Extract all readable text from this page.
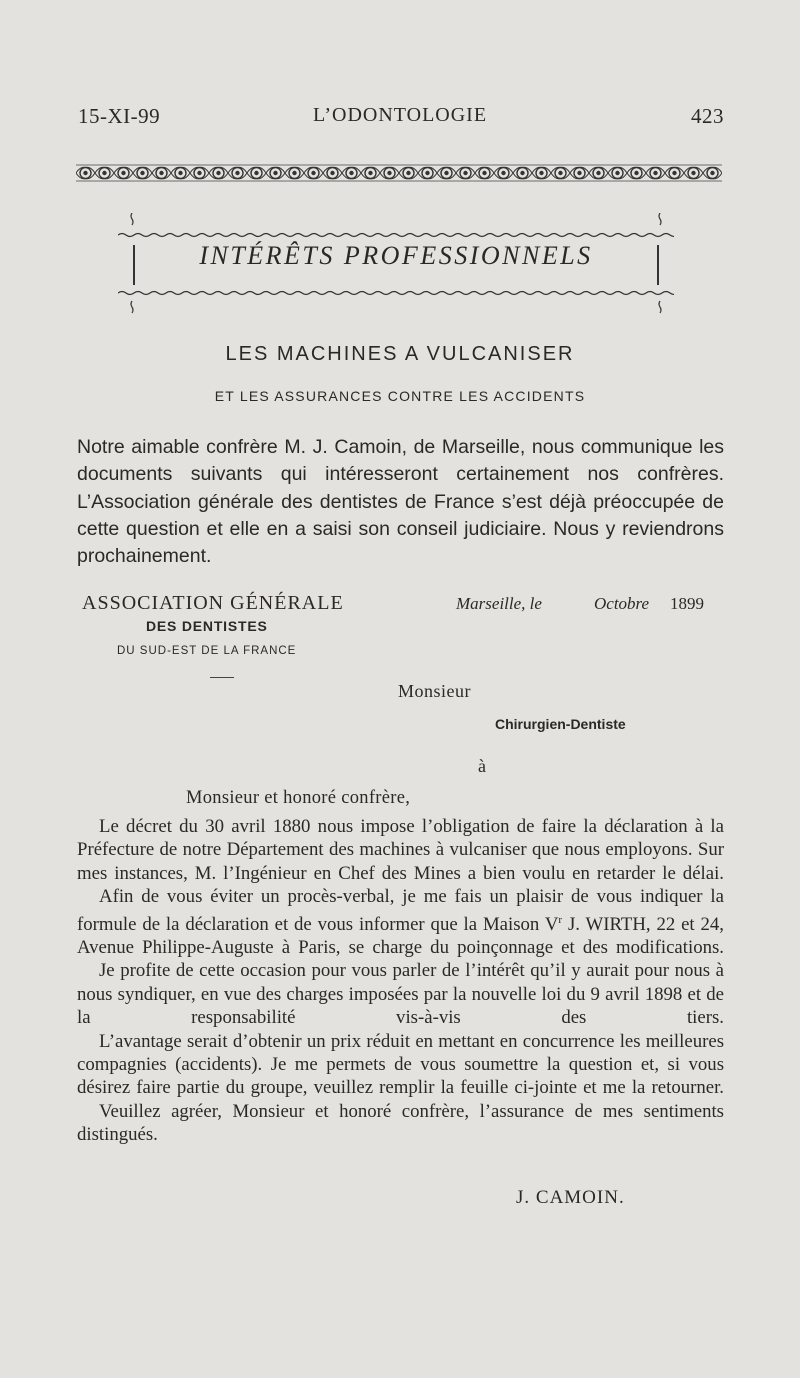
15-XI-99	L’ODONTOLOGIE	423
INTÉRÊTS PROFESSIONNELS
LES MACHINES A VULCANISER
ET LES ASSURANCES CONTRE LES ACCIDENTS
Notre aimable confrère M. J. Camoin, de Marseille, nous communique les documents suivants qui intéresseront certainement nos confrères. L’Association générale des dentistes de France s’est déjà préoccupée de cette question et elle en a saisi son conseil judiciaire. Nous y reviendrons prochainement.
ASSOCIATION GÉNÉRALE
DES DENTISTES
DU SUD-EST DE LA FRANCE
Marseille, le	Octobre 1899
Monsieur
Chirurgien-Dentiste
à
Monsieur et honoré confrère,

Le décret du 30 avril 1880 nous impose l’obligation de faire la déclaration à la Préfecture de notre Département des machines à vulcaniser que nous employons. Sur mes instances, M. l’Ingénieur en Chef des Mines a bien voulu en retarder le délai.

Afin de vous éviter un procès-verbal, je me fais un plaisir de vous indiquer la formule de la déclaration et de vous informer que la Maison $V^r$ J. WIRTH, 22 et 24, Avenue Philippe-Auguste à Paris, se charge du poinçonnage et des modifications.

Je profite de cette occasion pour vous parler de l’intérêt qu’il y aurait pour nous à nous syndiquer, en vue des charges imposées par la nouvelle loi du 9 avril 1898 et de la responsabilité vis-à-vis des tiers.

L’avantage serait d’obtenir un prix réduit en mettant en concurrence les meilleures compagnies (accidents). Je me permets de vous soumettre la question et, si vous désirez faire partie du groupe, veuillez remplir la feuille ci-jointe et me la retourner.

Veuillez agréer, Monsieur et honoré confrère, l’assurance de mes sentiments distingués.

J. CAMOIN.
